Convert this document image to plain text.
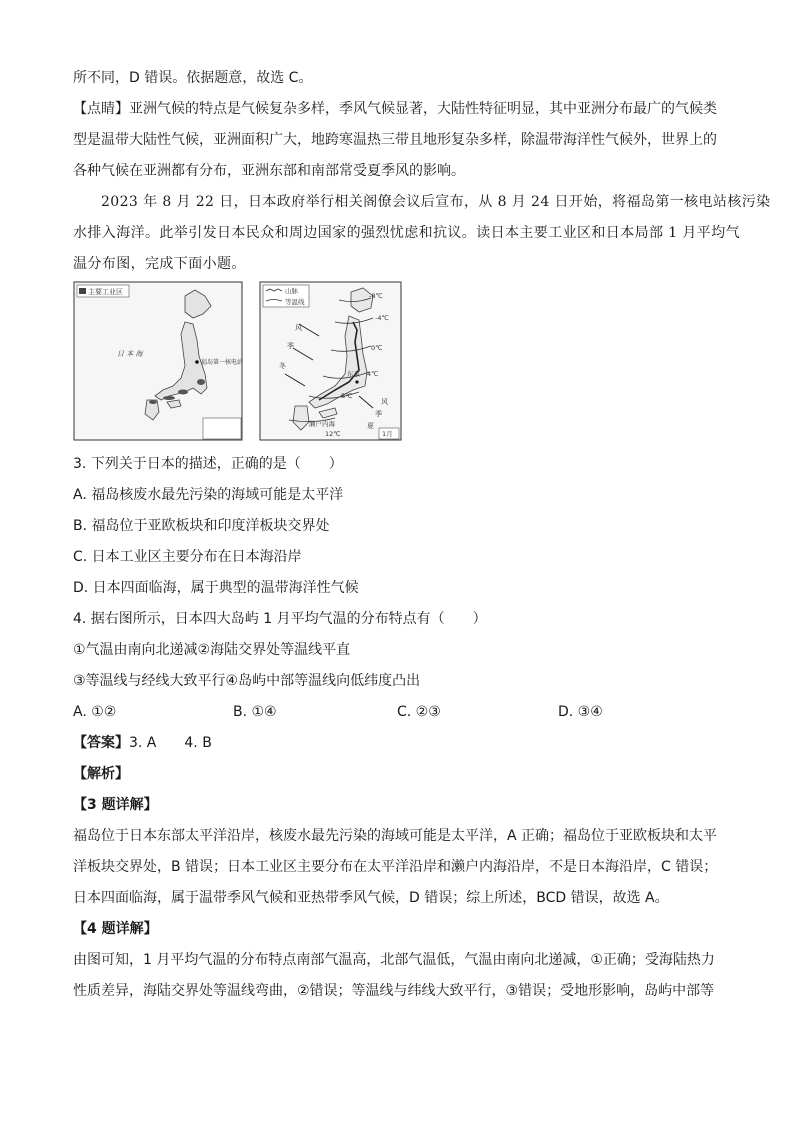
所不同，D 错误。依据题意，故选 C。
【点睛】亚洲气候的特点是气候复杂多样，季风气候显著，大陆性特征明显，其中亚洲分布最广的气候类
型是温带大陆性气候，亚洲面积广大，地跨寒温热三带且地形复杂多样，除温带海洋性气候外，世界上的
各种气候在亚洲都有分布，亚洲东部和南部常受夏季风的影响。
2023 年 8 月 22 日，日本政府举行相关阁僚会议后宣布，从 8 月 24 日开始，将福岛第一核电站核污染
水排入海洋。此举引发日本民众和周边国家的强烈忧虑和抗议。读日本主要工业区和日本局部 1 月平均气
温分布图，完成下面小题。
主要工业区
福岛第一核电站
日 本 海
山脉
等温线
-8℃
-4℃
0℃
4℃
8℃
12℃
冬
季
风
夏
季
风
东京
濑户内海
1月
3. 下列关于日本的描述，正确的是（　　）
A. 福岛核废水最先污染的海域可能是太平洋
B. 福岛位于亚欧板块和印度洋板块交界处
C. 日本工业区主要分布在日本海沿岸
D. 日本四面临海，属于典型的温带海洋性气候
4. 据右图所示，日本四大岛屿 1 月平均气温的分布特点有（　　）
①气温由南向北递减②海陆交界处等温线平直
③等温线与经线大致平行④岛屿中部等温线向低纬度凸出
A. ①②	B. ①④	C. ②③	D. ③④
【答案】3. A　　4. B
【解析】
【3 题详解】
福岛位于日本东部太平洋沿岸，核废水最先污染的海域可能是太平洋，A 正确；福岛位于亚欧板块和太平
洋板块交界处，B 错误；日本工业区主要分布在太平洋沿岸和濑户内海沿岸，不是日本海沿岸，C 错误；
日本四面临海，属于温带季风气候和亚热带季风气候，D 错误；综上所述，BCD 错误，故选 A。
【4 题详解】
由图可知，1 月平均气温的分布特点南部气温高，北部气温低，气温由南向北递减，①正确；受海陆热力
性质差异，海陆交界处等温线弯曲，②错误；等温线与纬线大致平行，③错误；受地形影响，岛屿中部等
